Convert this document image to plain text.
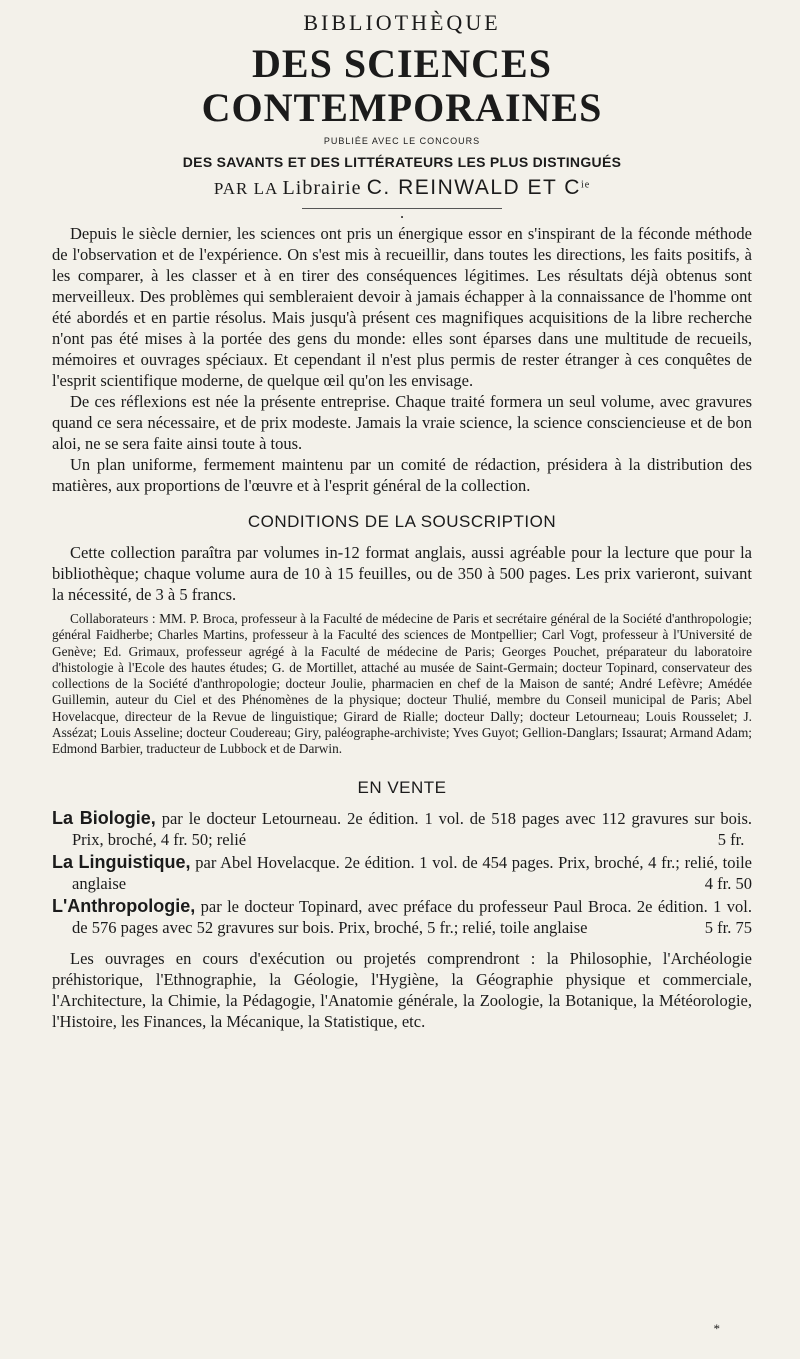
BIBLIOTHÈQUE

DES SCIENCES CONTEMPORAINES

PUBLIÉE AVEC LE CONCOURS
DES SAVANTS ET DES LITTÉRATEURS LES PLUS DISTINGUÉS
PAR LA Librairie C. REINWALD ET $C^{ie}$
•

Depuis le siècle dernier, les sciences ont pris un énergique essor en s'inspirant de la féconde méthode de l'observation et de l'expérience. On s'est mis à recueillir, dans toutes les directions, les faits positifs, à les comparer, à les classer et à en tirer des conséquences légitimes. Les résultats déjà obtenus sont merveilleux. Des problèmes qui sembleraient devoir à jamais échapper à la connaissance de l'homme ont été abordés et en partie résolus. Mais jusqu'à présent ces magnifiques acquisitions de la libre recherche n'ont pas été mises à la portée des gens du monde: elles sont éparses dans une multitude de recueils, mémoires et ouvrages spéciaux. Et cependant il n'est plus permis de rester étranger à ces conquêtes de l'esprit scientifique moderne, de quelque œil qu'on les envisage.

De ces réflexions est née la présente entreprise. Chaque traité formera un seul volume, avec gravures quand ce sera nécessaire, et de prix modeste. Jamais la vraie science, la science consciencieuse et de bon aloi, ne se sera faite ainsi toute à tous.

Un plan uniforme, fermement maintenu par un comité de rédaction, présidera à la distribution des matières, aux proportions de l'œuvre et à l'esprit général de la collection.

CONDITIONS DE LA SOUSCRIPTION

Cette collection paraîtra par volumes in-12 format anglais, aussi agréable pour la lecture que pour la bibliothèque; chaque volume aura de 10 à 15 feuilles, ou de 350 à 500 pages. Les prix varieront, suivant la nécessité, de 3 à 5 francs.

Collaborateurs : MM. P. Broca, professeur à la Faculté de médecine de Paris et secrétaire général de la Société d'anthropologie; général Faidherbe; Charles Martins, professeur à la Faculté des sciences de Montpellier; Carl Vogt, professeur à l'Université de Genève; Ed. Grimaux, professeur agrégé à la Faculté de médecine de Paris; Georges Pouchet, préparateur du laboratoire d'histologie à l'Ecole des hautes études; G. de Mortillet, attaché au musée de Saint-Germain; docteur Topinard, conservateur des collections de la Société d'anthropologie; docteur Joulie, pharmacien en chef de la Maison de santé; André Lefèvre; Amédée Guillemin, auteur du Ciel et des Phénomènes de la physique; docteur Thulié, membre du Conseil municipal de Paris; Abel Hovelacque, directeur de la Revue de linguistique; Girard de Rialle; docteur Dally; docteur Letourneau; Louis Rousselet; J. Assézat; Louis Asseline; docteur Coudereau; Giry, paléographe-archiviste; Yves Guyot; Gellion-Danglars; Issaurat; Armand Adam; Edmond Barbier, traducteur de Lubbock et de Darwin.

EN VENTE

La Biologie, par le docteur Letourneau. 2e édition. 1 vol. de 518 pages avec 112 gravures sur bois. Prix, broché, 4 fr. 50; relié	5 fr.

La Linguistique, par Abel Hovelacque. 2e édition. 1 vol. de 454 pages. Prix, broché, 4 fr.; relié, toile anglaise	4 fr. 50

L'Anthropologie, par le docteur Topinard, avec préface du professeur Paul Broca. 2e édition. 1 vol. de 576 pages avec 52 gravures sur bois. Prix, broché, 5 fr.; relié, toile anglaise	5 fr. 75

Les ouvrages en cours d'exécution ou projetés comprendront : la Philosophie, l'Archéologie préhistorique, l'Ethnographie, la Géologie, l'Hygiène, la Géographie physique et commerciale, l'Architecture, la Chimie, la Pédagogie, l'Anatomie générale, la Zoologie, la Botanique, la Météorologie, l'Histoire, les Finances, la Mécanique, la Statistique, etc.

*
